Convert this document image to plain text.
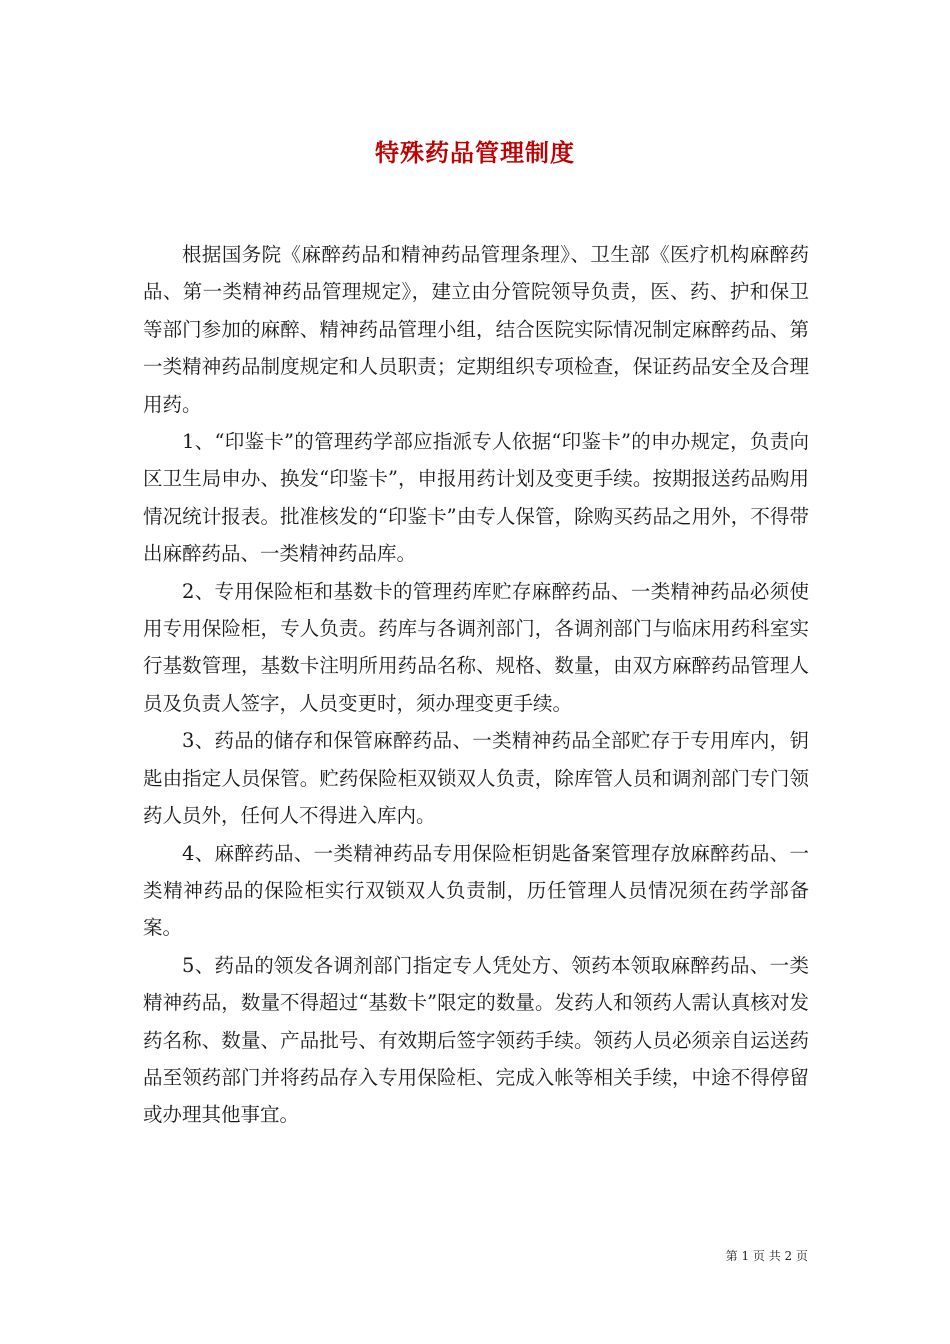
特殊药品管理制度

根据国务院《麻醉药品和精神药品管理条理》、卫生部《医疗机构麻醉药品、第一类精神药品管理规定》，建立由分管院领导负责，医、药、护和保卫等部门参加的麻醉、精神药品管理小组，结合医院实际情况制定麻醉药品、第一类精神药品制度规定和人员职责；定期组织专项检查，保证药品安全及合理用药。

1、“印鉴卡”的管理药学部应指派专人依据“印鉴卡”的申办规定，负责向区卫生局申办、换发“印鉴卡”，申报用药计划及变更手续。按期报送药品购用情况统计报表。批准核发的“印鉴卡”由专人保管，除购买药品之用外，不得带出麻醉药品、一类精神药品库。

2、专用保险柜和基数卡的管理药库贮存麻醉药品、一类精神药品必须使用专用保险柜，专人负责。药库与各调剂部门，各调剂部门与临床用药科室实行基数管理，基数卡注明所用药品名称、规格、数量，由双方麻醉药品管理人员及负责人签字，人员变更时，须办理变更手续。

3、药品的储存和保管麻醉药品、一类精神药品全部贮存于专用库内，钥匙由指定人员保管。贮药保险柜双锁双人负责，除库管人员和调剂部门专门领药人员外，任何人不得进入库内。

4、麻醉药品、一类精神药品专用保险柜钥匙备案管理存放麻醉药品、一类精神药品的保险柜实行双锁双人负责制，历任管理人员情况须在药学部备案。

5、药品的领发各调剂部门指定专人凭处方、领药本领取麻醉药品、一类精神药品，数量不得超过“基数卡”限定的数量。发药人和领药人需认真核对发药名称、数量、产品批号、有效期后签字领药手续。领药人员必须亲自运送药品至领药部门并将药品存入专用保险柜、完成入帐等相关手续，中途不得停留或办理其他事宜。

第 1 页 共 2 页
